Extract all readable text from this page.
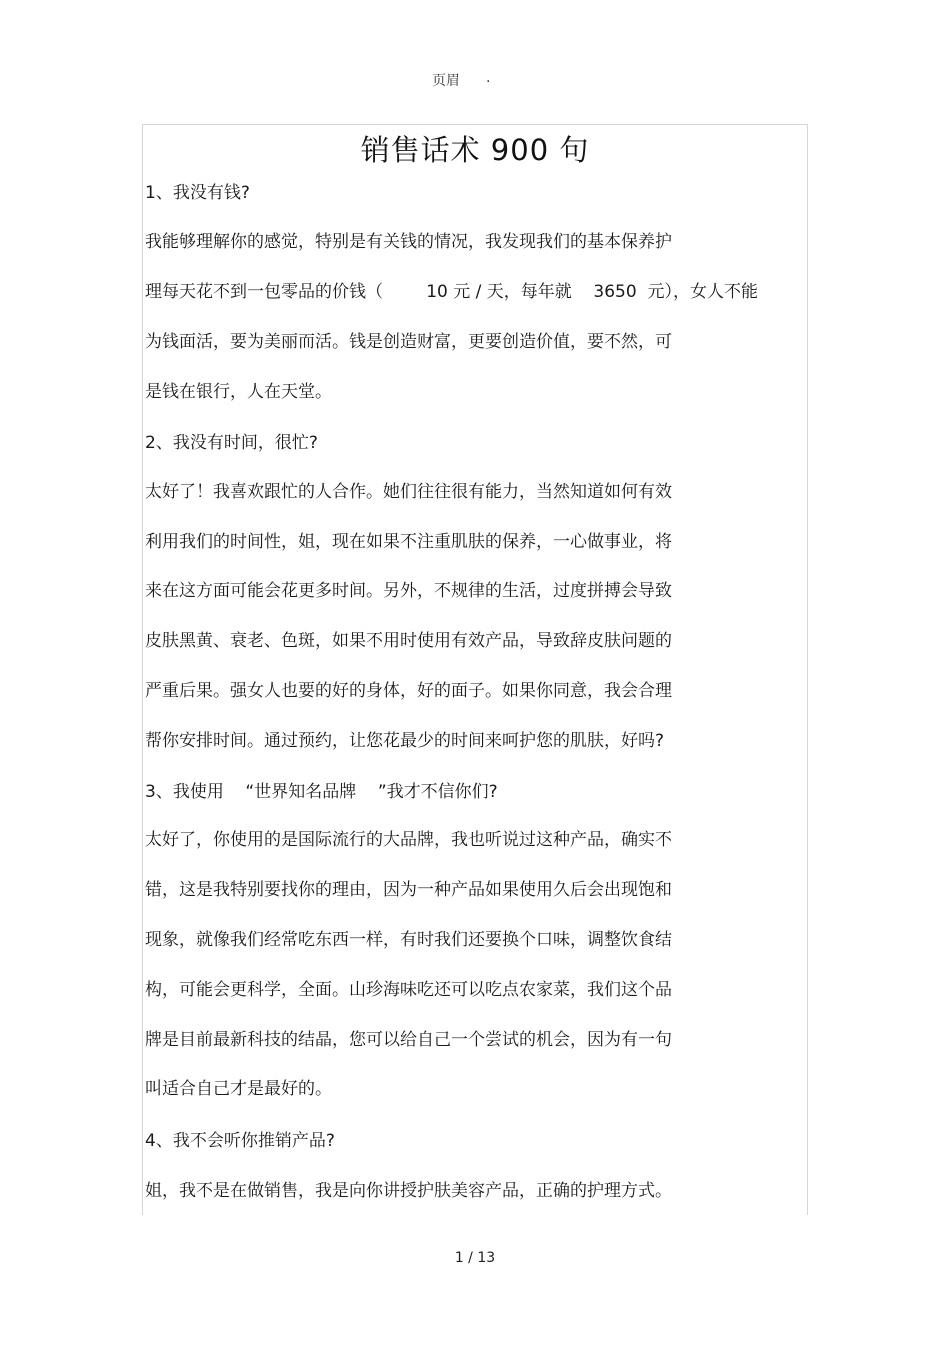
页眉 .
销售话术 900 句
1、我没有钱?
我能够理解你的感觉，特别是有关钱的情况，我发现我们的基本保养护
理每天花不到一包零品的价钱（        10 元 / 天，每年就    3650  元），女人不能
为钱面活，要为美丽而活。钱是创造财富，更要创造价值，要不然，可
是钱在银行，人在天堂。
2、我没有时间，很忙?
太好了！我喜欢跟忙的人合作。她们往往很有能力，当然知道如何有效
利用我们的时间性，姐，现在如果不注重肌肤的保养，一心做事业，将
来在这方面可能会花更多时间。另外，不规律的生活，过度拼搏会导致
皮肤黑黄、衰老、色斑，如果不用时使用有效产品，导致辞皮肤问题的
严重后果。强女人也要的好的身体，好的面子。如果你同意，我会合理
帮你安排时间。通过预约，让您花最少的时间来呵护您的肌肤，好吗?
3、我使用    “世界知名品牌    ”我才不信你们?
太好了，你使用的是国际流行的大品牌，我也听说过这种产品，确实不
错，这是我特别要找你的理由，因为一种产品如果使用久后会出现饱和
现象，就像我们经常吃东西一样，有时我们还要换个口味，调整饮食结
构，可能会更科学，全面。山珍海味吃还可以吃点农家菜，我们这个品
牌是目前最新科技的结晶，您可以给自己一个尝试的机会，因为有一句
叫适合自己才是最好的。
4、我不会听你推销产品?
姐，我不是在做销售，我是向你讲授护肤美容产品，正确的护理方式。
1 / 13
